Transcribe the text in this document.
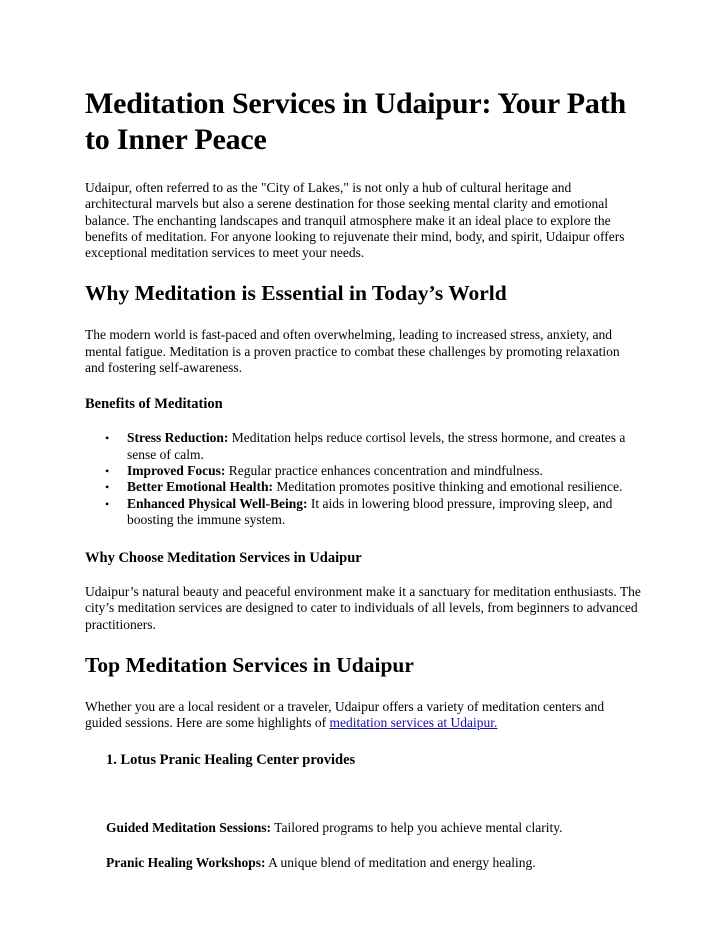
Meditation Services in Udaipur: Your Path to Inner Peace

Udaipur, often referred to as the "City of Lakes," is not only a hub of cultural heritage and architectural marvels but also a serene destination for those seeking mental clarity and emotional balance. The enchanting landscapes and tranquil atmosphere make it an ideal place to explore the benefits of meditation. For anyone looking to rejuvenate their mind, body, and spirit, Udaipur offers exceptional meditation services to meet your needs.

Why Meditation is Essential in Today’s World

The modern world is fast-paced and often overwhelming, leading to increased stress, anxiety, and mental fatigue. Meditation is a proven practice to combat these challenges by promoting relaxation and fostering self-awareness.

Benefits of Meditation
• Stress Reduction: Meditation helps reduce cortisol levels, the stress hormone, and creates a sense of calm.
• Improved Focus: Regular practice enhances concentration and mindfulness.
• Better Emotional Health: Meditation promotes positive thinking and emotional resilience.
• Enhanced Physical Well-Being: It aids in lowering blood pressure, improving sleep, and boosting the immune system.
Why Choose Meditation Services in Udaipur

Udaipur’s natural beauty and peaceful environment make it a sanctuary for meditation enthusiasts. The city’s meditation services are designed to cater to individuals of all levels, from beginners to advanced practitioners.

Top Meditation Services in Udaipur

Whether you are a local resident or a traveler, Udaipur offers a variety of meditation centers and guided sessions. Here are some highlights of meditation services at Udaipur.

1. Lotus Pranic Healing Center provides

Guided Meditation Sessions: Tailored programs to help you achieve mental clarity.

Pranic Healing Workshops: A unique blend of meditation and energy healing.
